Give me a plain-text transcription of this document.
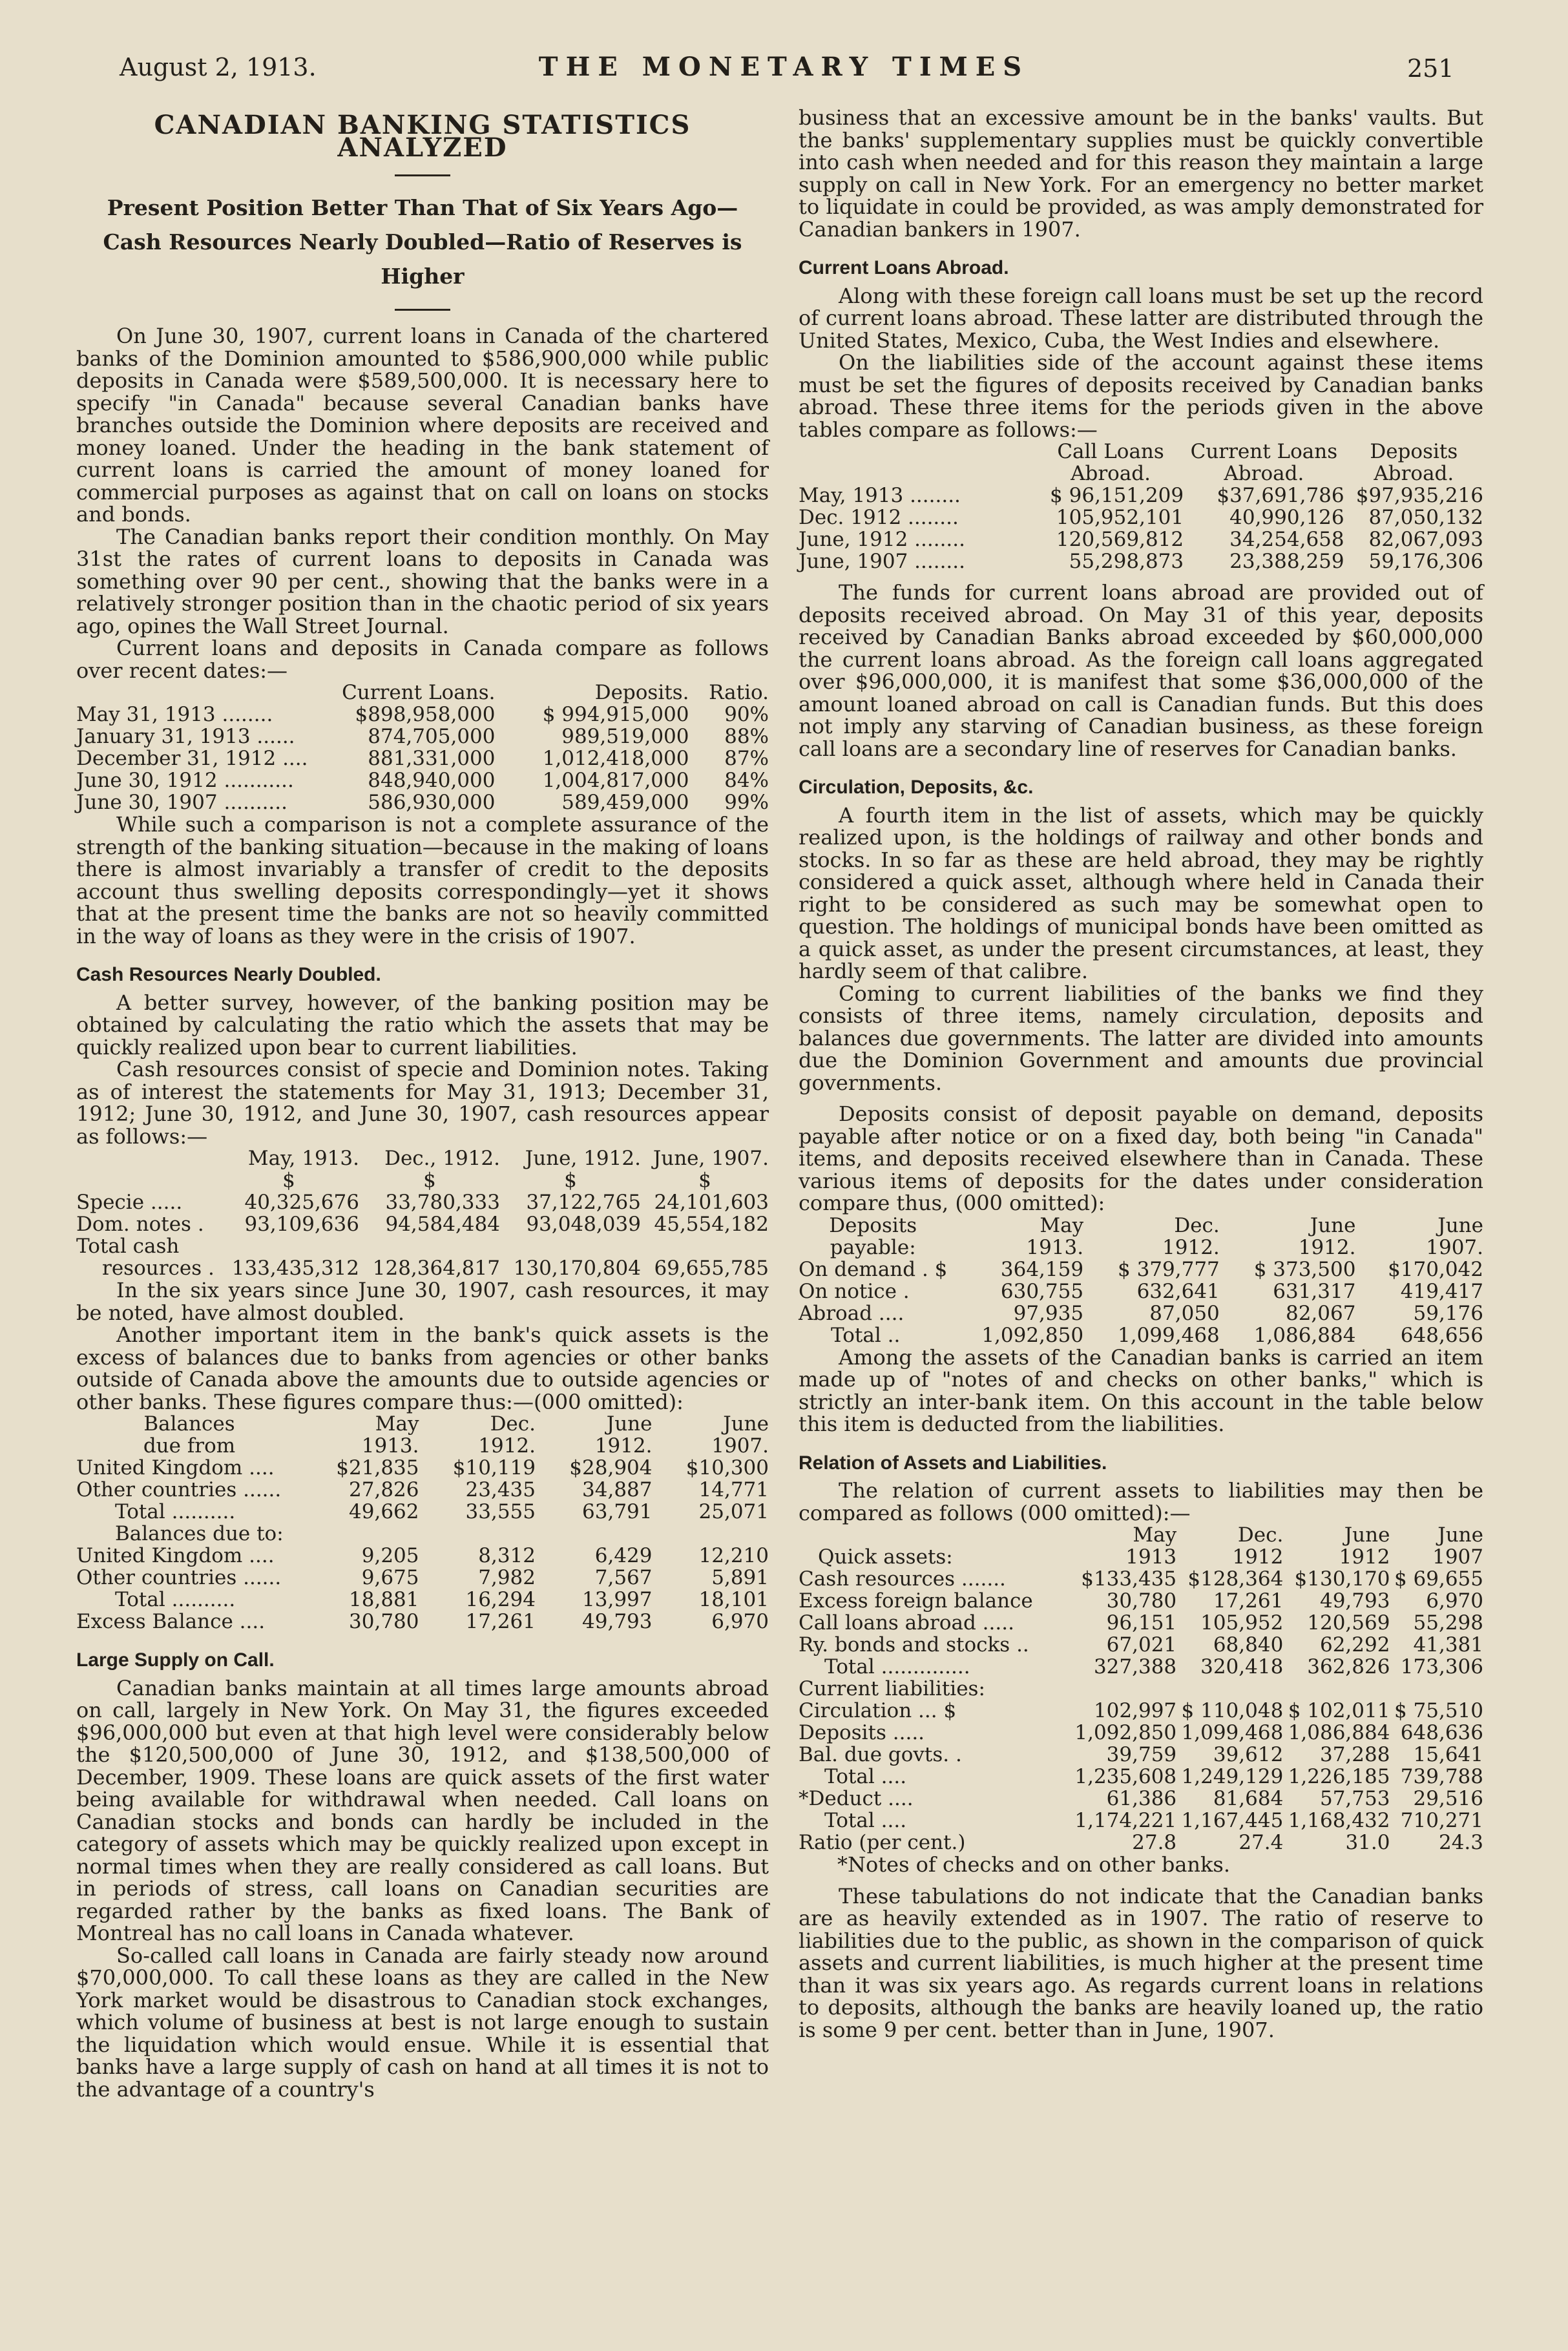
August 2, 1913.	THE MONETARY TIMES	251
CANADIAN BANKING STATISTICS ANALYZED
Present Position Better Than That of Six Years Ago—Cash Resources Nearly Doubled—Ratio of Reserves is Higher

On June 30, 1907, current loans in Canada of the chartered banks of the Dominion amounted to $586,900,000 while public deposits in Canada were $589,500,000. It is necessary here to specify "in Canada" because several Canadian banks have branches outside the Dominion where deposits are received and money loaned. Under the heading in the bank statement of current loans is carried the amount of money loaned for commercial purposes as against that on call on loans on stocks and bonds.

The Canadian banks report their condition monthly. On May 31st the rates of current loans to deposits in Canada was something over 90 per cent., showing that the banks were in a relatively stronger position than in the chaotic period of six years ago, opines the Wall Street Journal.

Current loans and deposits in Canada compare as follows over recent dates:—

	Current Loans.	Deposits.	Ratio.
May 31, 1913 ........	$898,958,000	$ 994,915,000	90%
January 31, 1913 ......	874,705,000	989,519,000	88%
December 31, 1912 ....	881,331,000	1,012,418,000	87%
June 30, 1912 ...........	848,940,000	1,004,817,000	84%
June 30, 1907 ..........	586,930,000	589,459,000	99%

While such a comparison is not a complete assurance of the strength of the banking situation—because in the making of loans there is almost invariably a transfer of credit to the deposits account thus swelling deposits correspondingly—yet it shows that at the present time the banks are not so heavily committed in the way of loans as they were in the crisis of 1907.

Cash Resources Nearly Doubled.

A better survey, however, of the banking position may be obtained by calculating the ratio which the assets that may be quickly realized upon bear to current liabilities.

Cash resources consist of specie and Dominion notes. Taking as of interest the statements for May 31, 1913; December 31, 1912; June 30, 1912, and June 30, 1907, cash resources appear as follows:—

	May, 1913.	Dec., 1912.	June, 1912.	June, 1907.
	$	$	$	$
Specie .....	40,325,676	33,780,333	37,122,765	24,101,603
Dom. notes .	93,109,636	94,584,484	93,048,039	45,554,182
Total cash				
resources .	133,435,312	128,364,817	130,170,804	69,655,785

In the six years since June 30, 1907, cash resources, it may be noted, have almost doubled.

Another important item in the bank's quick assets is the excess of balances due to banks from agencies or other banks outside of Canada above the amounts due to outside agencies or other banks. These figures compare thus:—(000 omitted):

Balances	May	Dec.	June	June
due from	1913.	1912.	1912.	1907.
United Kingdom ....	$21,835	$10,119	$28,904	$10,300
Other countries ......	27,826	23,435	34,887	14,771
Total ..........	49,662	33,555	63,791	25,071
Balances due to:				
United Kingdom ....	9,205	8,312	6,429	12,210
Other countries ......	9,675	7,982	7,567	5,891
Total ..........	18,881	16,294	13,997	18,101
Excess Balance ....	30,780	17,261	49,793	6,970
Large Supply on Call.

Canadian banks maintain at all times large amounts abroad on call, largely in New York. On May 31, the figures exceeded $96,000,000 but even at that high level were considerably below the $120,500,000 of June 30, 1912, and $138,500,000 of December, 1909. These loans are quick assets of the first water being available for withdrawal when needed. Call loans on Canadian stocks and bonds can hardly be included in the category of assets which may be quickly realized upon except in normal times when they are really considered as call loans. But in periods of stress, call loans on Canadian securities are regarded rather by the banks as fixed loans. The Bank of Montreal has no call loans in Canada whatever.

So-called call loans in Canada are fairly steady now around $70,000,000. To call these loans as they are called in the New York market would be disastrous to Canadian stock exchanges, which volume of business at best is not large enough to sustain the liquidation which would ensue. While it is essential that banks have a large supply of cash on hand at all times it is not to the advantage of a country's

business that an excessive amount be in the banks' vaults. But the banks' supplementary supplies must be quickly convertible into cash when needed and for this reason they maintain a large supply on call in New York. For an emergency no better market to liquidate in could be provided, as was amply demonstrated for Canadian bankers in 1907.

Current Loans Abroad.

Along with these foreign call loans must be set up the record of current loans abroad. These latter are distributed through the United States, Mexico, Cuba, the West Indies and elsewhere.

On the liabilities side of the account against these items must be set the figures of deposits received by Canadian banks abroad. These three items for the periods given in the above tables compare as follows:—

	Call Loans	Current Loans	Deposits
	Abroad.	Abroad.	Abroad.
May, 1913 ........	$ 96,151,209	$37,691,786	$97,935,216
Dec. 1912 ........	105,952,101	40,990,126	87,050,132
June, 1912 ........	120,569,812	34,254,658	82,067,093
June, 1907 ........	55,298,873	23,388,259	59,176,306

The funds for current loans abroad are provided out of deposits received abroad. On May 31 of this year, deposits received by Canadian Banks abroad exceeded by $60,000,000 the current loans abroad. As the foreign call loans aggregated over $96,000,000, it is manifest that some $36,000,000 of the amount loaned abroad on call is Canadian funds. But this does not imply any starving of Canadian business, as these foreign call loans are a secondary line of reserves for Canadian banks.

Circulation, Deposits, &c.

A fourth item in the list of assets, which may be quickly realized upon, is the holdings of railway and other bonds and stocks. In so far as these are held abroad, they may be rightly considered a quick asset, although where held in Canada their right to be considered as such may be somewhat open to question. The holdings of municipal bonds have been omitted as a quick asset, as under the present circumstances, at least, they hardly seem of that calibre.

Coming to current liabilities of the banks we find they consists of three items, namely circulation, deposits and balances due governments. The latter are divided into amounts due the Dominion Government and amounts due provincial governments.

Deposits consist of deposit payable on demand, deposits payable after notice or on a fixed day, both being "in Canada" items, and deposits received elsewhere than in Canada. These various items of deposits for the dates under consideration compare thus, (000 omitted):

Deposits	May	Dec.	June	June
payable:	1913.	1912.	1912.	1907.
On demand . $	364,159	$ 379,777	$ 373,500	$170,042
On notice .	630,755	632,641	631,317	419,417
Abroad ....	97,935	87,050	82,067	59,176
Total ..	1,092,850	1,099,468	1,086,884	648,656

Among the assets of the Canadian banks is carried an item made up of "notes of and checks on other banks," which is strictly an inter-bank item. On this account in the table below this item is deducted from the liabilities.

Relation of Assets and Liabilities.

The relation of current assets to liabilities may then be compared as follows (000 omitted):—

	May	Dec.	June	June
Quick assets:	1913	1912	1912	1907
Cash resources .......	$133,435	$128,364	$130,170	$ 69,655
Excess foreign balance	30,780	17,261	49,793	6,970
Call loans abroad .....	96,151	105,952	120,569	55,298
Ry. bonds and stocks ..	67,021	68,840	62,292	41,381
Total ..............	327,388	320,418	362,826	173,306
Current liabilities:				
Circulation ... $	102,997	$ 110,048	$ 102,011	$ 75,510
Deposits .....	1,092,850	1,099,468	1,086,884	648,636
Bal. due govts. .	39,759	39,612	37,288	15,641
Total ....	1,235,608	1,249,129	1,226,185	739,788
*Deduct ....	61,386	81,684	57,753	29,516
Total ....	1,174,221	1,167,445	1,168,432	710,271
Ratio (per cent.)	27.8	27.4	31.0	24.3
*Notes of checks and on other banks.

These tabulations do not indicate that the Canadian banks are as heavily extended as in 1907. The ratio of reserve to liabilities due to the public, as shown in the comparison of quick assets and current liabilities, is much higher at the present time than it was six years ago. As regards current loans in relations to deposits, although the banks are heavily loaned up, the ratio is some 9 per cent. better than in June, 1907.
